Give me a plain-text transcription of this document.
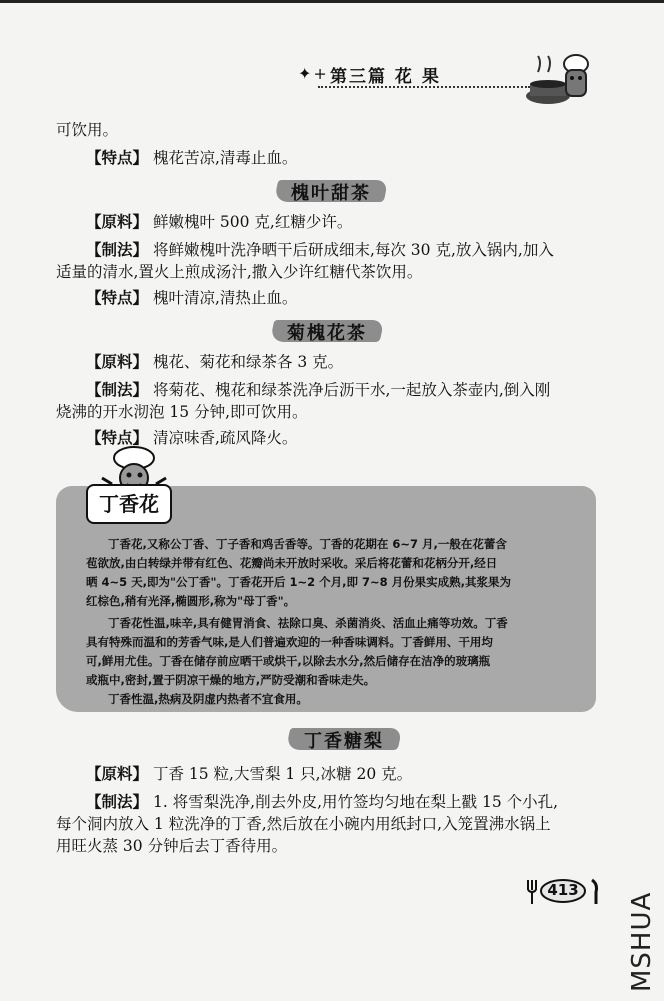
✦+ 第三篇 花 果
可饮用。
【特点】 槐花苦凉,清毒止血。
槐叶甜茶
【原料】 鲜嫩槐叶 500 克,红糖少许。
【制法】 将鲜嫩槐叶洗净晒干后研成细末,每次 30 克,放入锅内,加入
适量的清水,置火上煎成汤汁,撒入少许红糖代茶饮用。
【特点】 槐叶清凉,清热止血。
菊槐花茶
【原料】 槐花、菊花和绿茶各 3 克。
【制法】 将菊花、槐花和绿茶洗净后沥干水,一起放入茶壶内,倒入刚
烧沸的开水沏泡 15 分钟,即可饮用。
【特点】 清凉味香,疏风降火。
丁香花
丁香花,又称公丁香、丁子香和鸡舌香等。丁香的花期在 6~7 月,一般在花蕾含
苞欲放,由白转绿并带有红色、花瓣尚未开放时采收。采后将花蕾和花柄分开,经日
晒 4~5 天,即为"公丁香"。丁香花开后 1~2 个月,即 7~8 月份果实成熟,其浆果为
红棕色,稍有光泽,椭圆形,称为"母丁香"。
丁香花性温,味辛,具有健胃消食、祛除口臭、杀菌消炎、活血止痛等功效。丁香
具有特殊而温和的芳香气味,是人们普遍欢迎的一种香味调料。丁香鲜用、干用均
可,鲜用尤佳。丁香在储存前应晒干或烘干,以除去水分,然后储存在洁净的玻璃瓶
或瓶中,密封,置于阴凉干燥的地方,严防受潮和香味走失。
丁香性温,热病及阴虚内热者不宜食用。
丁香糖梨
【原料】 丁香 15 粒,大雪梨 1 只,冰糖 20 克。
【制法】 1. 将雪梨洗净,削去外皮,用竹签均匀地在梨上戳 15 个小孔,
每个洞内放入 1 粒洗净的丁香,然后放在小碗内用纸封口,入笼置沸水锅上
用旺火蒸 30 分钟后去丁香待用。
413
MSHUA
